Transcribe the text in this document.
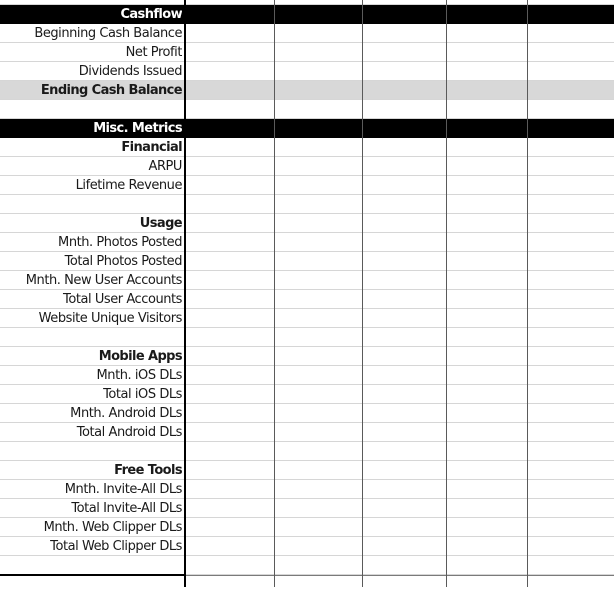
Cashflow
Beginning Cash Balance
Net Profit
Dividends Issued
Ending Cash Balance
Misc. Metrics
Financial
ARPU
Lifetime Revenue
Usage
Mnth. Photos Posted
Total Photos Posted
Mnth. New User Accounts
Total User Accounts
Website Unique Visitors
Mobile Apps
Mnth. iOS DLs
Total iOS DLs
Mnth. Android DLs
Total Android DLs
Free Tools
Mnth. Invite-All DLs
Total Invite-All DLs
Mnth. Web Clipper DLs
Total Web Clipper DLs
